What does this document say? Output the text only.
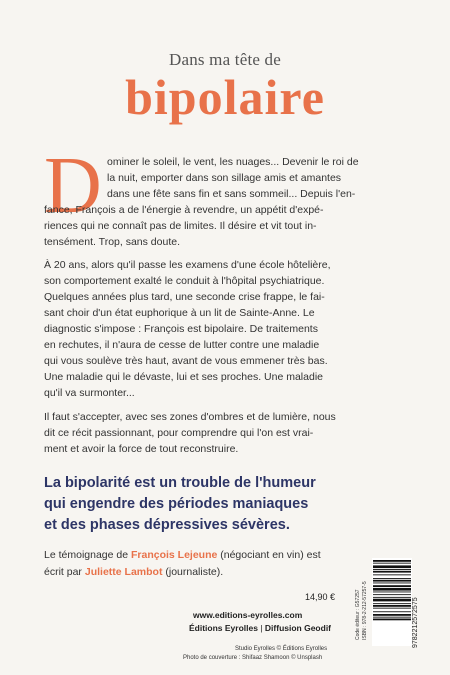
Dans ma tête de
bipolaire
D ominer le soleil, le vent, les nuages... Devenir le roi de
la nuit, emporter dans son sillage amis et amantes
dans une fête sans fin et sans sommeil... Depuis l'en-
fance, François a de l'énergie à revendre, un appétit d'expé-
riences qui ne connaît pas de limites. Il désire et vit tout in-
tensément. Trop, sans doute.
À 20 ans, alors qu'il passe les examens d'une école hôtelière,
son comportement exalté le conduit à l'hôpital psychiatrique.
Quelques années plus tard, une seconde crise frappe, le fai-
sant choir d'un état euphorique à un lit de Sainte-Anne. Le
diagnostic s'impose : François est bipolaire. De traitements
en rechutes, il n'aura de cesse de lutter contre une maladie
qui vous soulève très haut, avant de vous emmener très bas.
Une maladie qui le dévaste, lui et ses proches. Une maladie
qu'il va surmonter...
Il faut s'accepter, avec ses zones d'ombres et de lumière, nous
dit ce récit passionnant, pour comprendre qui l'on est vrai-
ment et avoir la force de tout reconstruire.
La bipolarité est un trouble de l'humeur
qui engendre des périodes maniaques
et des phases dépressives sévères.
Le témoignage de François Lejeune (négociant en vin) est
écrit par Juliette Lambot (journaliste).
14,90 €
www.editions-eyrolles.com
Éditions Eyrolles | Diffusion Geodif
Studio Eyrolles © Éditions Eyrolles
Photo de couverture : Shifaaz Shamoon © Unsplash
Code éditeur : G57257 ISBN : 978-2-212-57257-5	9782212572575
